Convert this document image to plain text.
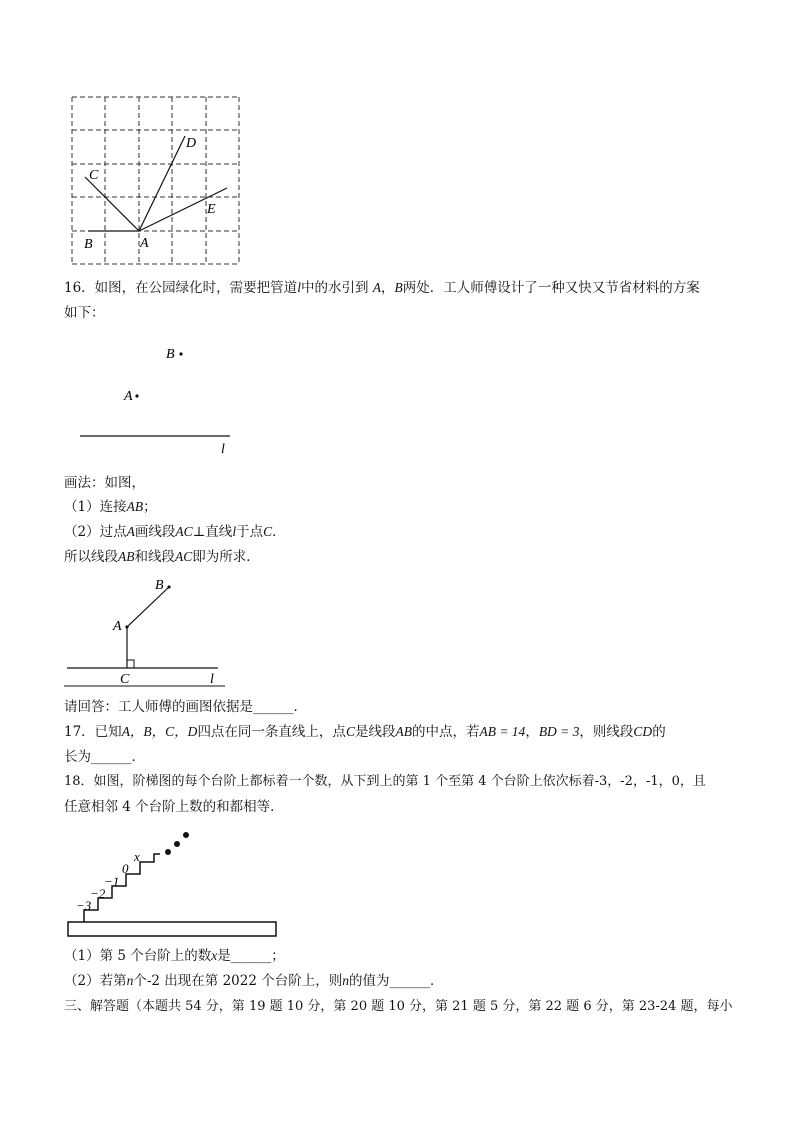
C
D
E
B	A
16．如图，在公园绿化时，需要把管道l中的水引到 A，B两处．工人师傅设计了一种又快又节省材料的方案
如下：
B
A
l
画法：如图，
（1）连接AB；
（2）过点A画线段AC⊥直线l于点C．
所以线段AB和线段AC即为所求．
B
A
C	l
请回答：工人师傅的画图依据是______．
17．已知A，B，C，D四点在同一条直线上，点C是线段AB的中点，若AB = 14，BD = 3，则线段CD的
长为______．
18．如图，阶梯图的每个台阶上都标着一个数，从下到上的第 1 个至第 4 个台阶上依次标着-3，-2，-1，0，且
任意相邻 4 个台阶上数的和都相等．
−3
−2
−1
0
x
（1）第 5 个台阶上的数x是______；
（2）若第n个-2 出现在第 2022 个台阶上，则n的值为______．
三、解答题（本题共 54 分，第 19 题 10 分，第 20 题 10 分，第 21 题 5 分，第 22 题 6 分，第 23-24 题，每小
